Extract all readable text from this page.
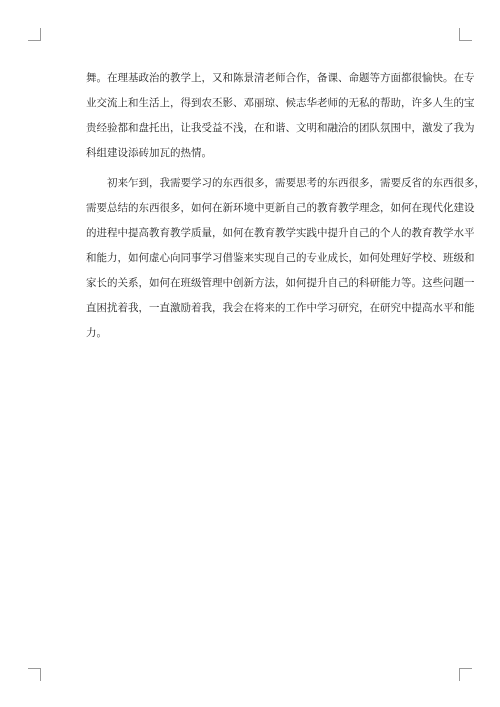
舞。在理基政治的教学上，又和陈景清老师合作，备课、命题等方面都很愉快。在专
业交流上和生活上，得到农丕影、邓丽琼、候志华老师的无私的帮助，许多人生的宝
贵经验都和盘托出，让我受益不浅，在和谐、文明和融洽的团队氛围中，激发了我为
科组建设添砖加瓦的热情。
　　初来乍到，我需要学习的东西很多，需要思考的东西很多，需要反省的东西很多，
需要总结的东西很多，如何在新环境中更新自己的教育教学理念，如何在现代化建设
的进程中提高教育教学质量，如何在教育教学实践中提升自己的个人的教育教学水平
和能力，如何虚心向同事学习借鉴来实现自己的专业成长，如何处理好学校、班级和
家长的关系，如何在班级管理中创新方法，如何提升自己的科研能力等。这些问题一
直困扰着我，一直激励着我，我会在将来的工作中学习研究，在研究中提高水平和能
力。
